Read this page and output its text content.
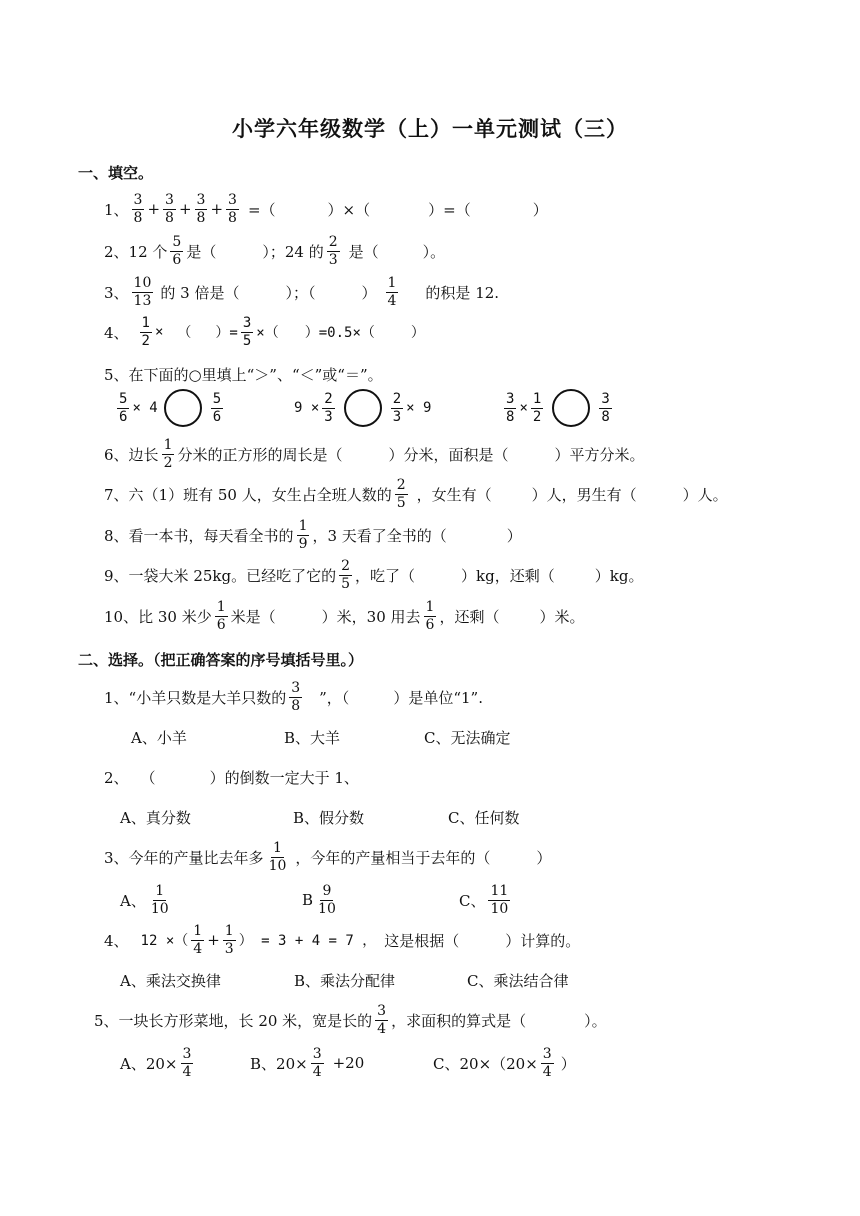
小学六年级数学（上）一单元测试（三）
一、填空。
1、 $\frac{3}{8} + \frac{3}{8} + \frac{3}{8} + \frac{3}{8}$ =（	）×（	）=（	）
2、 12 个 $\frac{5}{6}$ 是（	）；24 的 $\frac{2}{3}$ 是（	）。
3、 $\frac{10}{13}$ 的 3 倍是（	）；（	） $\frac{1}{4}$ 的积是 12.
4、 $\frac{1}{2}$ × （ ）= $\frac{3}{5}$ ×（ ）=0.5×（	）
5、 在下面的○里填上“＞”、“＜”或“＝”。
$\frac{5}{6} \times 4$	$\frac{5}{6}$	$9 \times \frac{2}{3}$	$\frac{2}{3} \times 9$	$\frac{3}{8} \times \frac{1}{2}$	$\frac{3}{8}$
6、 边长 $\frac{1}{2}$ 分米的正方形的周长是（	）分米，面积是（	）平方分米。
7、 六（1）班有 50 人，女生占全班人数的 $\frac{2}{5}$ ，女生有（	）人，男生有（	）人。
8、 看一本书，每天看全书的 $\frac{1}{9}$ ，3 天看了全书的（	）
9、 一袋大米 25kg。已经吃了它的 $\frac{2}{5}$ ，吃了（	）kg，还剩（	）kg。
10、 比 30 米少 $\frac{1}{6}$ 米是（	）米，30 用去 $\frac{1}{6}$ ，还剩（	）米。
二、选择。（把正确答案的序号填括号里。）
1、 “小羊只数是大羊只数的 $\frac{3}{8}$ ”，（	）是单位“1”.
A、小羊	B、大羊	C、无法确定
2、 （	）的倒数一定大于 1、
A、真分数	B、假分数	C、任何数
3、 今年的产量比去年多 $\frac{1}{10}$ ，今年的产量相当于去年的（	）
A、 $\frac{1}{10}$	B $\frac{9}{10}$	C、 $\frac{11}{10}$
4、 12 ×（ $\frac{1}{4} + \frac{1}{3}$ ） = 3 + 4 = 7 ， 这是根据（	）计算的。
A、乘法交换律	B、乘法分配律	C、乘法结合律
5、 一块长方形菜地，长 20 米，宽是长的 $\frac{3}{4}$ ，求面积的算式是（	）。
A、$20\times \frac{3}{4}$	B、$20\times \frac{3}{4} +20$	C、$20\times(20\times \frac{3}{4}$ ）
